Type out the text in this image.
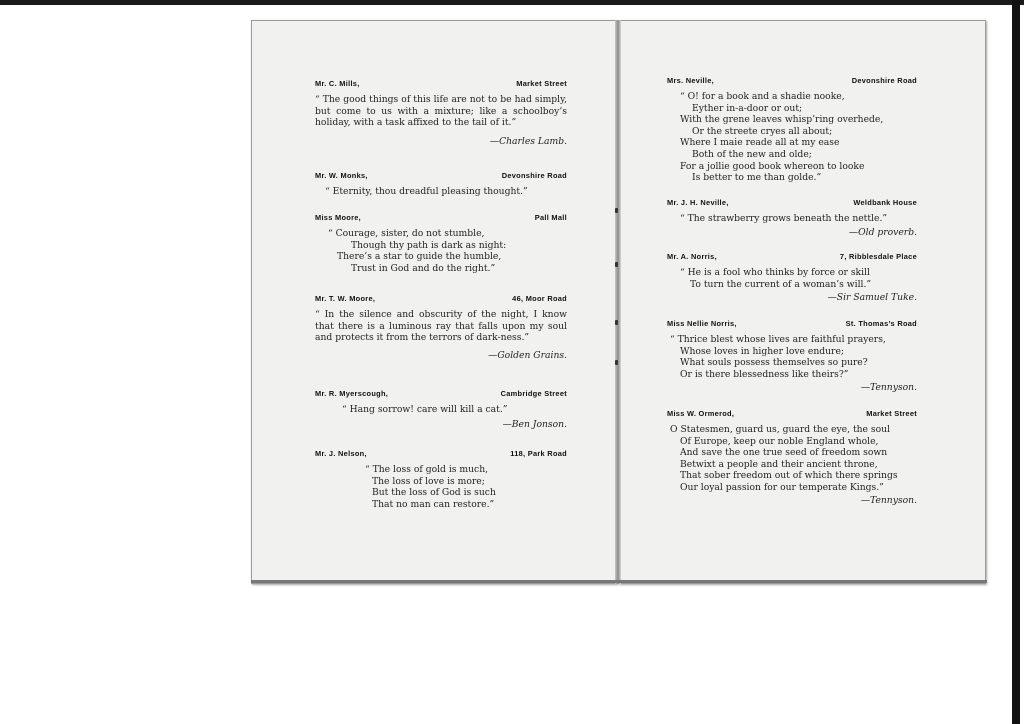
Mr. C. Mills,	Market Street

“ The good things of this life are not to be had simply, but come to us with a mixture; like a schoolboy’s holiday, with a task affixed to the tail of it.”

—Charles Lamb.
Mr. W. Monks,	Devonshire Road

“ Eternity, thou dreadful pleasing thought.”

Miss Moore,	Pall Mall

“ Courage, sister, do not stumble,

Though thy path is dark as night:

There’s a star to guide the humble,

Trust in God and do the right.”

Mr. T. W. Moore,	46, Moor Road

“ In the silence and obscurity of the night, I know that there is a luminous ray that falls upon my soul and protects it from the terrors of dark-ness.”

—Golden Grains.
Mr. R. Myerscough,	Cambridge Street

“ Hang sorrow! care will kill a cat.”

—Ben Jonson.
Mr. J. Nelson,	118, Park Road

“ The loss of gold is much,

The loss of love is more;

But the loss of God is such

That no man can restore.”

Mrs. Neville,	Devonshire Road

“ O! for a book and a shadie nooke,

Eyther in-a-door or out;

With the grene leaves whisp’ring overhede,

Or the streete cryes all about;

Where I maie reade all at my ease

Both of the new and olde;

For a jollie good book whereon to looke

Is better to me than golde.”

Mr. J. H. Neville,	Weldbank House

“ The strawberry grows beneath the nettle.”

—Old proverb.
Mr. A. Norris,	7, Ribblesdale Place

“ He is a fool who thinks by force or skill

To turn the current of a woman’s will.”

—Sir Samuel Tuke.
Miss Nellie Norris,	St. Thomas’s Road

“ Thrice blest whose lives are faithful prayers,

Whose loves in higher love endure;

What souls possess themselves so pure?

Or is there blessedness like theirs?”

—Tennyson.
Miss W. Ormerod,	Market Street

O Statesmen, guard us, guard the eye, the soul

Of Europe, keep our noble England whole,

And save the one true seed of freedom sown

Betwixt a people and their ancient throne,

That sober freedom out of which there springs

Our loyal passion for our temperate Kings.”

—Tennyson.
